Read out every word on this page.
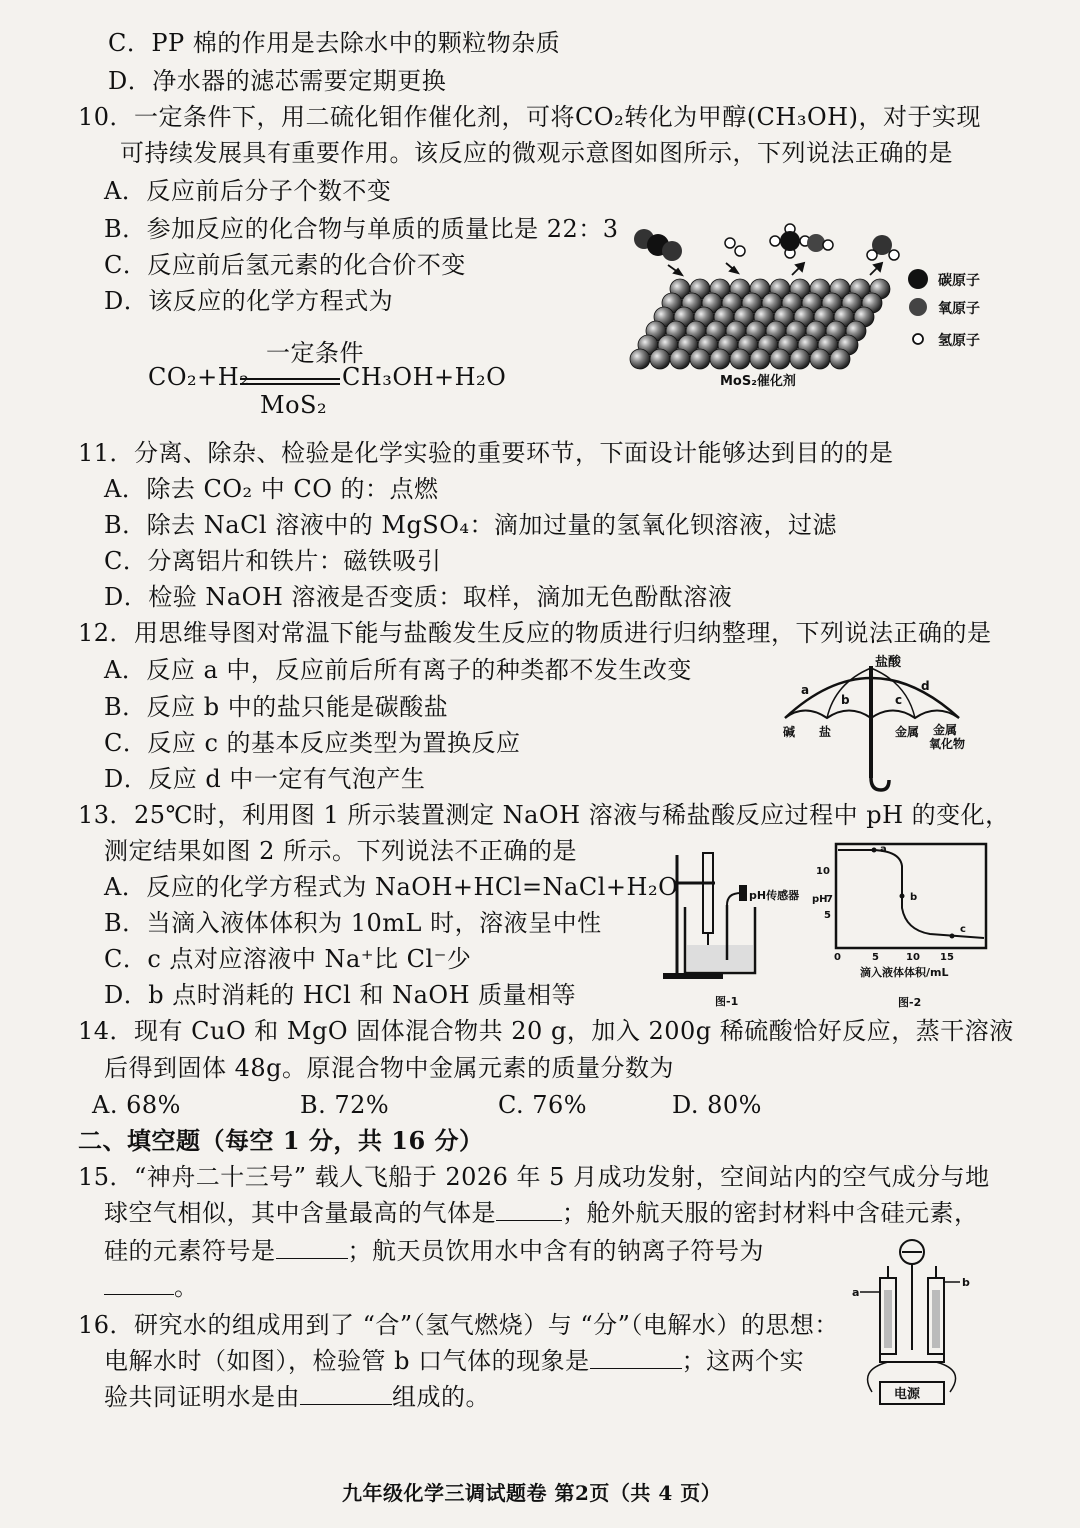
C．PP 棉的作用是去除水中的颗粒物杂质
D．净水器的滤芯需要定期更换
10．一定条件下，用二硫化钼作催化剂，可将CO₂转化为甲醇(CH₃OH)，对于实现
可持续发展具有重要作用。该反应的微观示意图如图所示，下列说法正确的是
A．反应前后分子个数不变
B．参加反应的化合物与单质的质量比是 22：3
C．反应前后氢元素的化合价不变
D．该反应的化学方程式为
CO₂+H₂
一定条件
MoS₂
CH₃OH+H₂O
碳原子
氧原子
氢原子
MoS₂催化剂
11．分离、除杂、检验是化学实验的重要环节，下面设计能够达到目的的是
A．除去 CO₂ 中 CO 的：点燃
B．除去 NaCl 溶液中的 MgSO₄：滴加过量的氢氧化钡溶液，过滤
C．分离铝片和铁片：磁铁吸引
D．检验 NaOH 溶液是否变质：取样，滴加无色酚酞溶液
12．用思维导图对常温下能与盐酸发生反应的物质进行归纳整理，下列说法正确的是
A．反应 a 中，反应前后所有离子的种类都不发生改变
B．反应 b 中的盐只能是碳酸盐
C．反应 c 的基本反应类型为置换反应
D．反应 d 中一定有气泡产生
盐酸
a
b	c
d
碱 盐	金属 金属
氧化物
13．25℃时，利用图 1 所示装置测定 NaOH 溶液与稀盐酸反应过程中 pH 的变化，
测定结果如图 2 所示。下列说法不正确的是
A．反应的化学方程式为 NaOH+HCl=NaCl+H₂O
B．当滴入液体体积为 10mL 时，溶液呈中性
C．c 点对应溶液中 Na⁺比 Cl⁻少
D．b 点时消耗的 HCl 和 NaOH 质量相等
pH传感器
图-1
a
b
c
10
pH
7
5
0	5	10 15
滴入液体体积/mL
图-2
14．现有 CuO 和 MgO 固体混合物共 20 g，加入 200g 稀硫酸恰好反应，蒸干溶液
后得到固体 48g。原混合物中金属元素的质量分数为
A. 68%	B. 72%	C. 76%	D. 80%
二、填空题（每空 1 分，共 16 分）
15．“神舟二十三号” 载人飞船于 2026 年 5 月成功发射，空间站内的空气成分与地
球空气相似，其中含量最高的气体是	；舱外航天服的密封材料中含硅元素，
硅的元素符号是	；航天员饮用水中含有的钠离子符号为
。
16．研究水的组成用到了 “合”（氢气燃烧）与 “分”（电解水）的思想：
电解水时（如图），检验管 b 口气体的现象是	；这两个实
验共同证明水是由	组成的。
a
b
电源
九年级化学三调试题卷 第2页（共 4 页）
